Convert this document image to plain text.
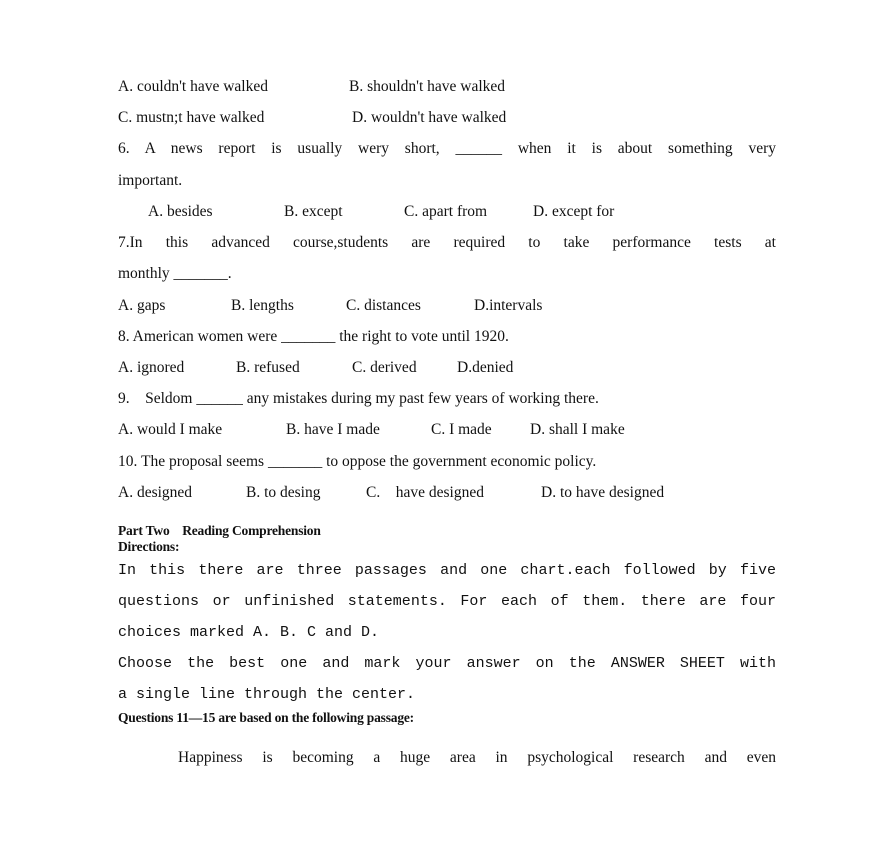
A. couldn't have walked	B. shouldn't have walked
C. mustn;t have walked	D. wouldn't have walked
6. A news report is usually wery short, ______ when it is about something very
important.
A. besides	B. except	C. apart from	D. except for
7.In this advanced course,students are required to take performance tests at
monthly _______.
A. gaps	B. lengths	C. distances	D.intervals
8. American women were _______ the right to vote until 1920.
A. ignored	B. refused	C. derived	D.denied
9.    Seldom ______ any mistakes during my past few years of working there.
A. would I make	B. have I made	C. I made D. shall I make
10. The proposal seems _______ to oppose the government economic policy.
A. designed	B. to desing	C.    have designed	D. to have designed
Part Two    Reading Comprehension
Directions:
In this there are three passages and one chart.each followed by five
questions or unfinished statements. For each of them. there are four
choices marked A. B. C and D.
Choose the best one and mark your answer on the ANSWER SHEET with
a single line through the center.
Questions 11—15 are based on the following passage:
Happiness is becoming a huge area in psychological research and even
